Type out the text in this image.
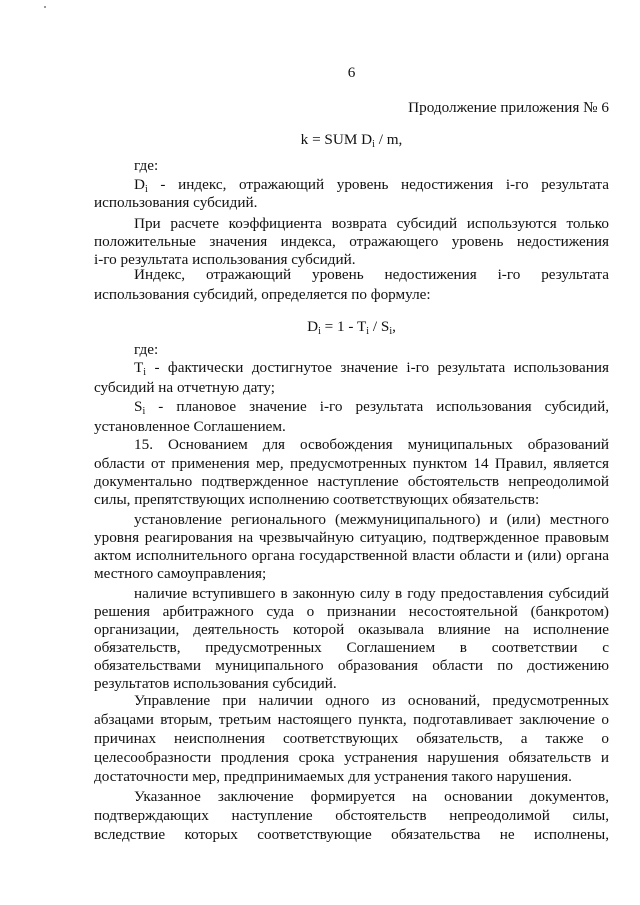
6
Продолжение приложения № 6
k = SUM $D_i$ / m,
где:
$D_i$ - индекс, отражающий уровень недостижения i-го результата
использования субсидий.
При расчете коэффициента возврата субсидий используются только
положительные значения индекса, отражающего уровень недостижения
i-го результата использования субсидий.
Индекс, отражающий уровень недостижения i-го результата
использования субсидий, определяется по формуле:
$D_i = 1 - T_i / S_i$,
где:
$T_i$ - фактически достигнутое значение i-го результата использования
субсидий на отчетную дату;
$S_i$ - плановое значение i-го результата использования субсидий,
установленное Соглашением.
15. Основанием для освобождения муниципальных образований
области от применения мер, предусмотренных пунктом 14 Правил, является
документально подтвержденное наступление обстоятельств непреодолимой
силы, препятствующих исполнению соответствующих обязательств:
установление регионального (межмуниципального) и (или) местного
уровня реагирования на чрезвычайную ситуацию, подтвержденное правовым
актом исполнительного органа государственной власти области и (или) органа
местного самоуправления;
наличие вступившего в законную силу в году предоставления субсидий
решения арбитражного суда о признании несостоятельной (банкротом)
организации, деятельность которой оказывала влияние на исполнение
обязательств, предусмотренных Соглашением в соответствии с
обязательствами муниципального образования области по достижению
результатов использования субсидий.
Управление при наличии одного из оснований, предусмотренных
абзацами вторым, третьим настоящего пункта, подготавливает заключение о
причинах неисполнения соответствующих обязательств, а также о
целесообразности продления срока устранения нарушения обязательств и
достаточности мер, предпринимаемых для устранения такого нарушения.
Указанное заключение формируется на основании документов,
подтверждающих наступление обстоятельств непреодолимой силы,
вследствие которых соответствующие обязательства не исполнены,
